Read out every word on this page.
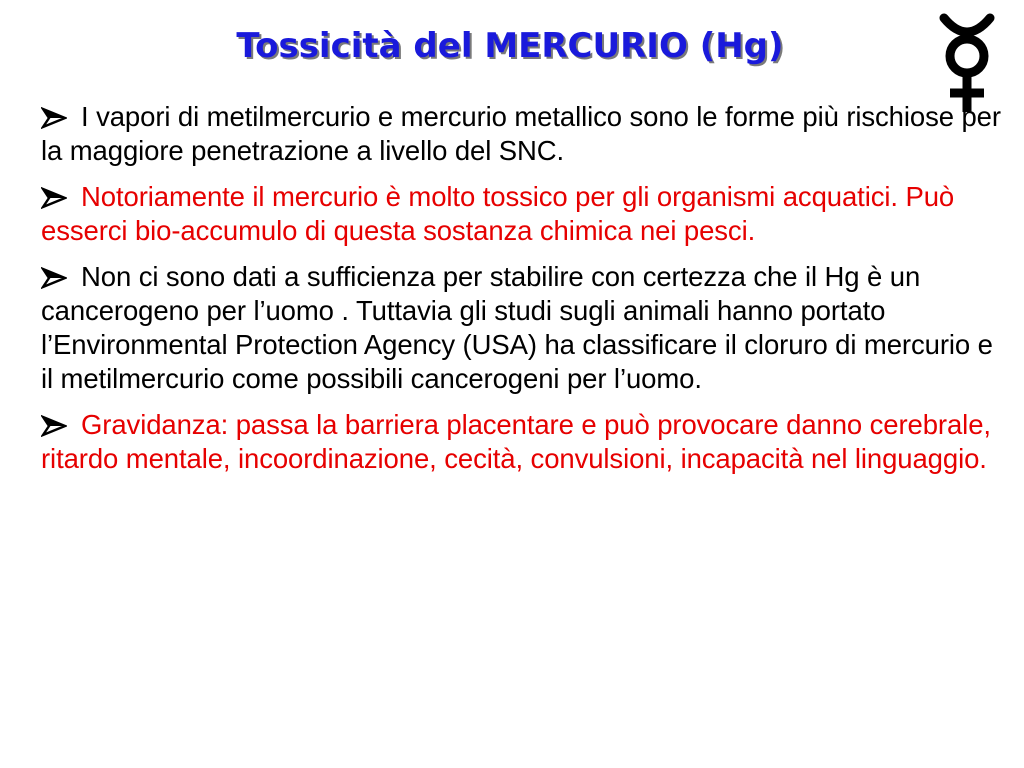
Tossicità del MERCURIO (Hg)
I vapori di metilmercurio e mercurio metallico sono le forme più rischiose per la maggiore penetrazione a livello del SNC.
Notoriamente il mercurio è molto tossico per gli organismi acquatici. Può esserci bio-accumulo di questa sostanza chimica nei pesci.
Non ci sono dati a sufficienza per stabilire con certezza che il Hg è un cancerogeno per l’uomo . Tuttavia gli studi sugli animali hanno portato l’Environmental Protection Agency (USA) ha classificare il cloruro di mercurio e il metilmercurio come possibili cancerogeni per l’uomo.
Gravidanza: passa la barriera placentare e può provocare danno cerebrale, ritardo mentale, incoordinazione, cecità, convulsioni, incapacità nel linguaggio.
